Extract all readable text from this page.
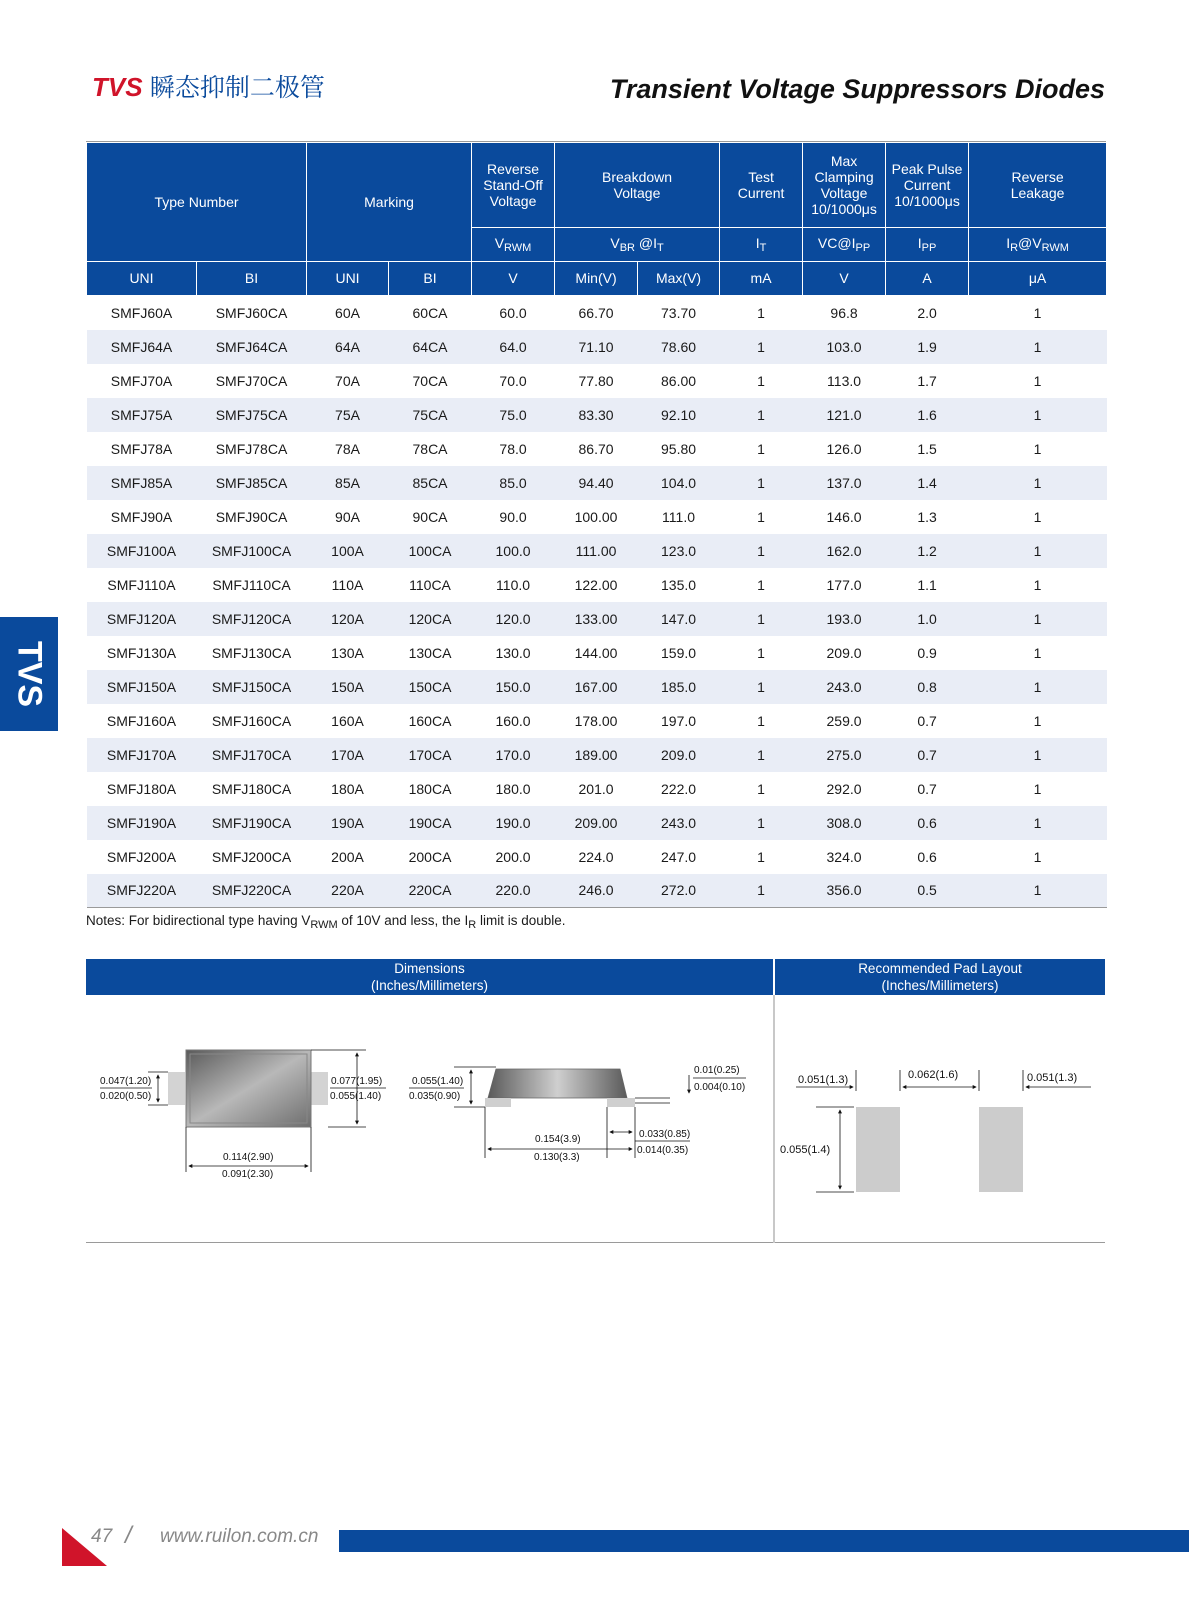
TVS 瞬态抑制二极管	Transient Voltage Suppressors Diodes
TVS
Type Number		Marking		Reverse
Stand-Off
Voltage	Breakdown
Voltage		Test
Current	Max
Clamping
Voltage
10/1000μs	Peak Pulse
Current
10/1000μs	Reverse
Leakage
				$V_{RWM}$	$V_{BR}$ $@I_T$		$I_T$	$VC@I_{PP}$	$I_{PP}$	$I_R@V_{RWM}$
UNI	BI	UNI	BI	V	Min(V)	Max(V)	mA	V	A	μA
SMFJ60A	SMFJ60CA	60A	60CA	60.0	66.70	73.70	1	96.8	2.0	1
SMFJ64A	SMFJ64CA	64A	64CA	64.0	71.10	78.60	1	103.0	1.9	1
SMFJ70A	SMFJ70CA	70A	70CA	70.0	77.80	86.00	1	113.0	1.7	1
SMFJ75A	SMFJ75CA	75A	75CA	75.0	83.30	92.10	1	121.0	1.6	1
SMFJ78A	SMFJ78CA	78A	78CA	78.0	86.70	95.80	1	126.0	1.5	1
SMFJ85A	SMFJ85CA	85A	85CA	85.0	94.40	104.0	1	137.0	1.4	1
SMFJ90A	SMFJ90CA	90A	90CA	90.0	100.00	111.0	1	146.0	1.3	1
SMFJ100A	SMFJ100CA	100A	100CA	100.0	111.00	123.0	1	162.0	1.2	1
SMFJ110A	SMFJ110CA	110A	110CA	110.0	122.00	135.0	1	177.0	1.1	1
SMFJ120A	SMFJ120CA	120A	120CA	120.0	133.00	147.0	1	193.0	1.0	1
SMFJ130A	SMFJ130CA	130A	130CA	130.0	144.00	159.0	1	209.0	0.9	1
SMFJ150A	SMFJ150CA	150A	150CA	150.0	167.00	185.0	1	243.0	0.8	1
SMFJ160A	SMFJ160CA	160A	160CA	160.0	178.00	197.0	1	259.0	0.7	1
SMFJ170A	SMFJ170CA	170A	170CA	170.0	189.00	209.0	1	275.0	0.7	1
SMFJ180A	SMFJ180CA	180A	180CA	180.0	201.0	222.0	1	292.0	0.7	1
SMFJ190A	SMFJ190CA	190A	190CA	190.0	209.00	243.0	1	308.0	0.6	1
SMFJ200A	SMFJ200CA	200A	200CA	200.0	224.0	247.0	1	324.0	0.6	1
SMFJ220A	SMFJ220CA	220A	220CA	220.0	246.0	272.0	1	356.0	0.5	1
Notes: For bidirectional type having $V_{RWM}$ of 10V and less, the $I_R$ limit is double.
Dimensions
(Inches/Millimeters)
Recommended Pad Layout
(Inches/Millimeters)
0.047(1.20)
0.020(0.50)
0.077(1.95)
0.055(1.40)
0.114(2.90)
0.091(2.30)
0.055(1.40)
0.035(0.90)
0.01(0.25)
0.004(0.10)
0.154(3.9)
0.130(3.3)
0.033(0.85)
0.014(0.35)
0.051(1.3)	0.062(1.6)	0.051(1.3)
0.055(1.4)
47 / www.ruilon.com.cn
